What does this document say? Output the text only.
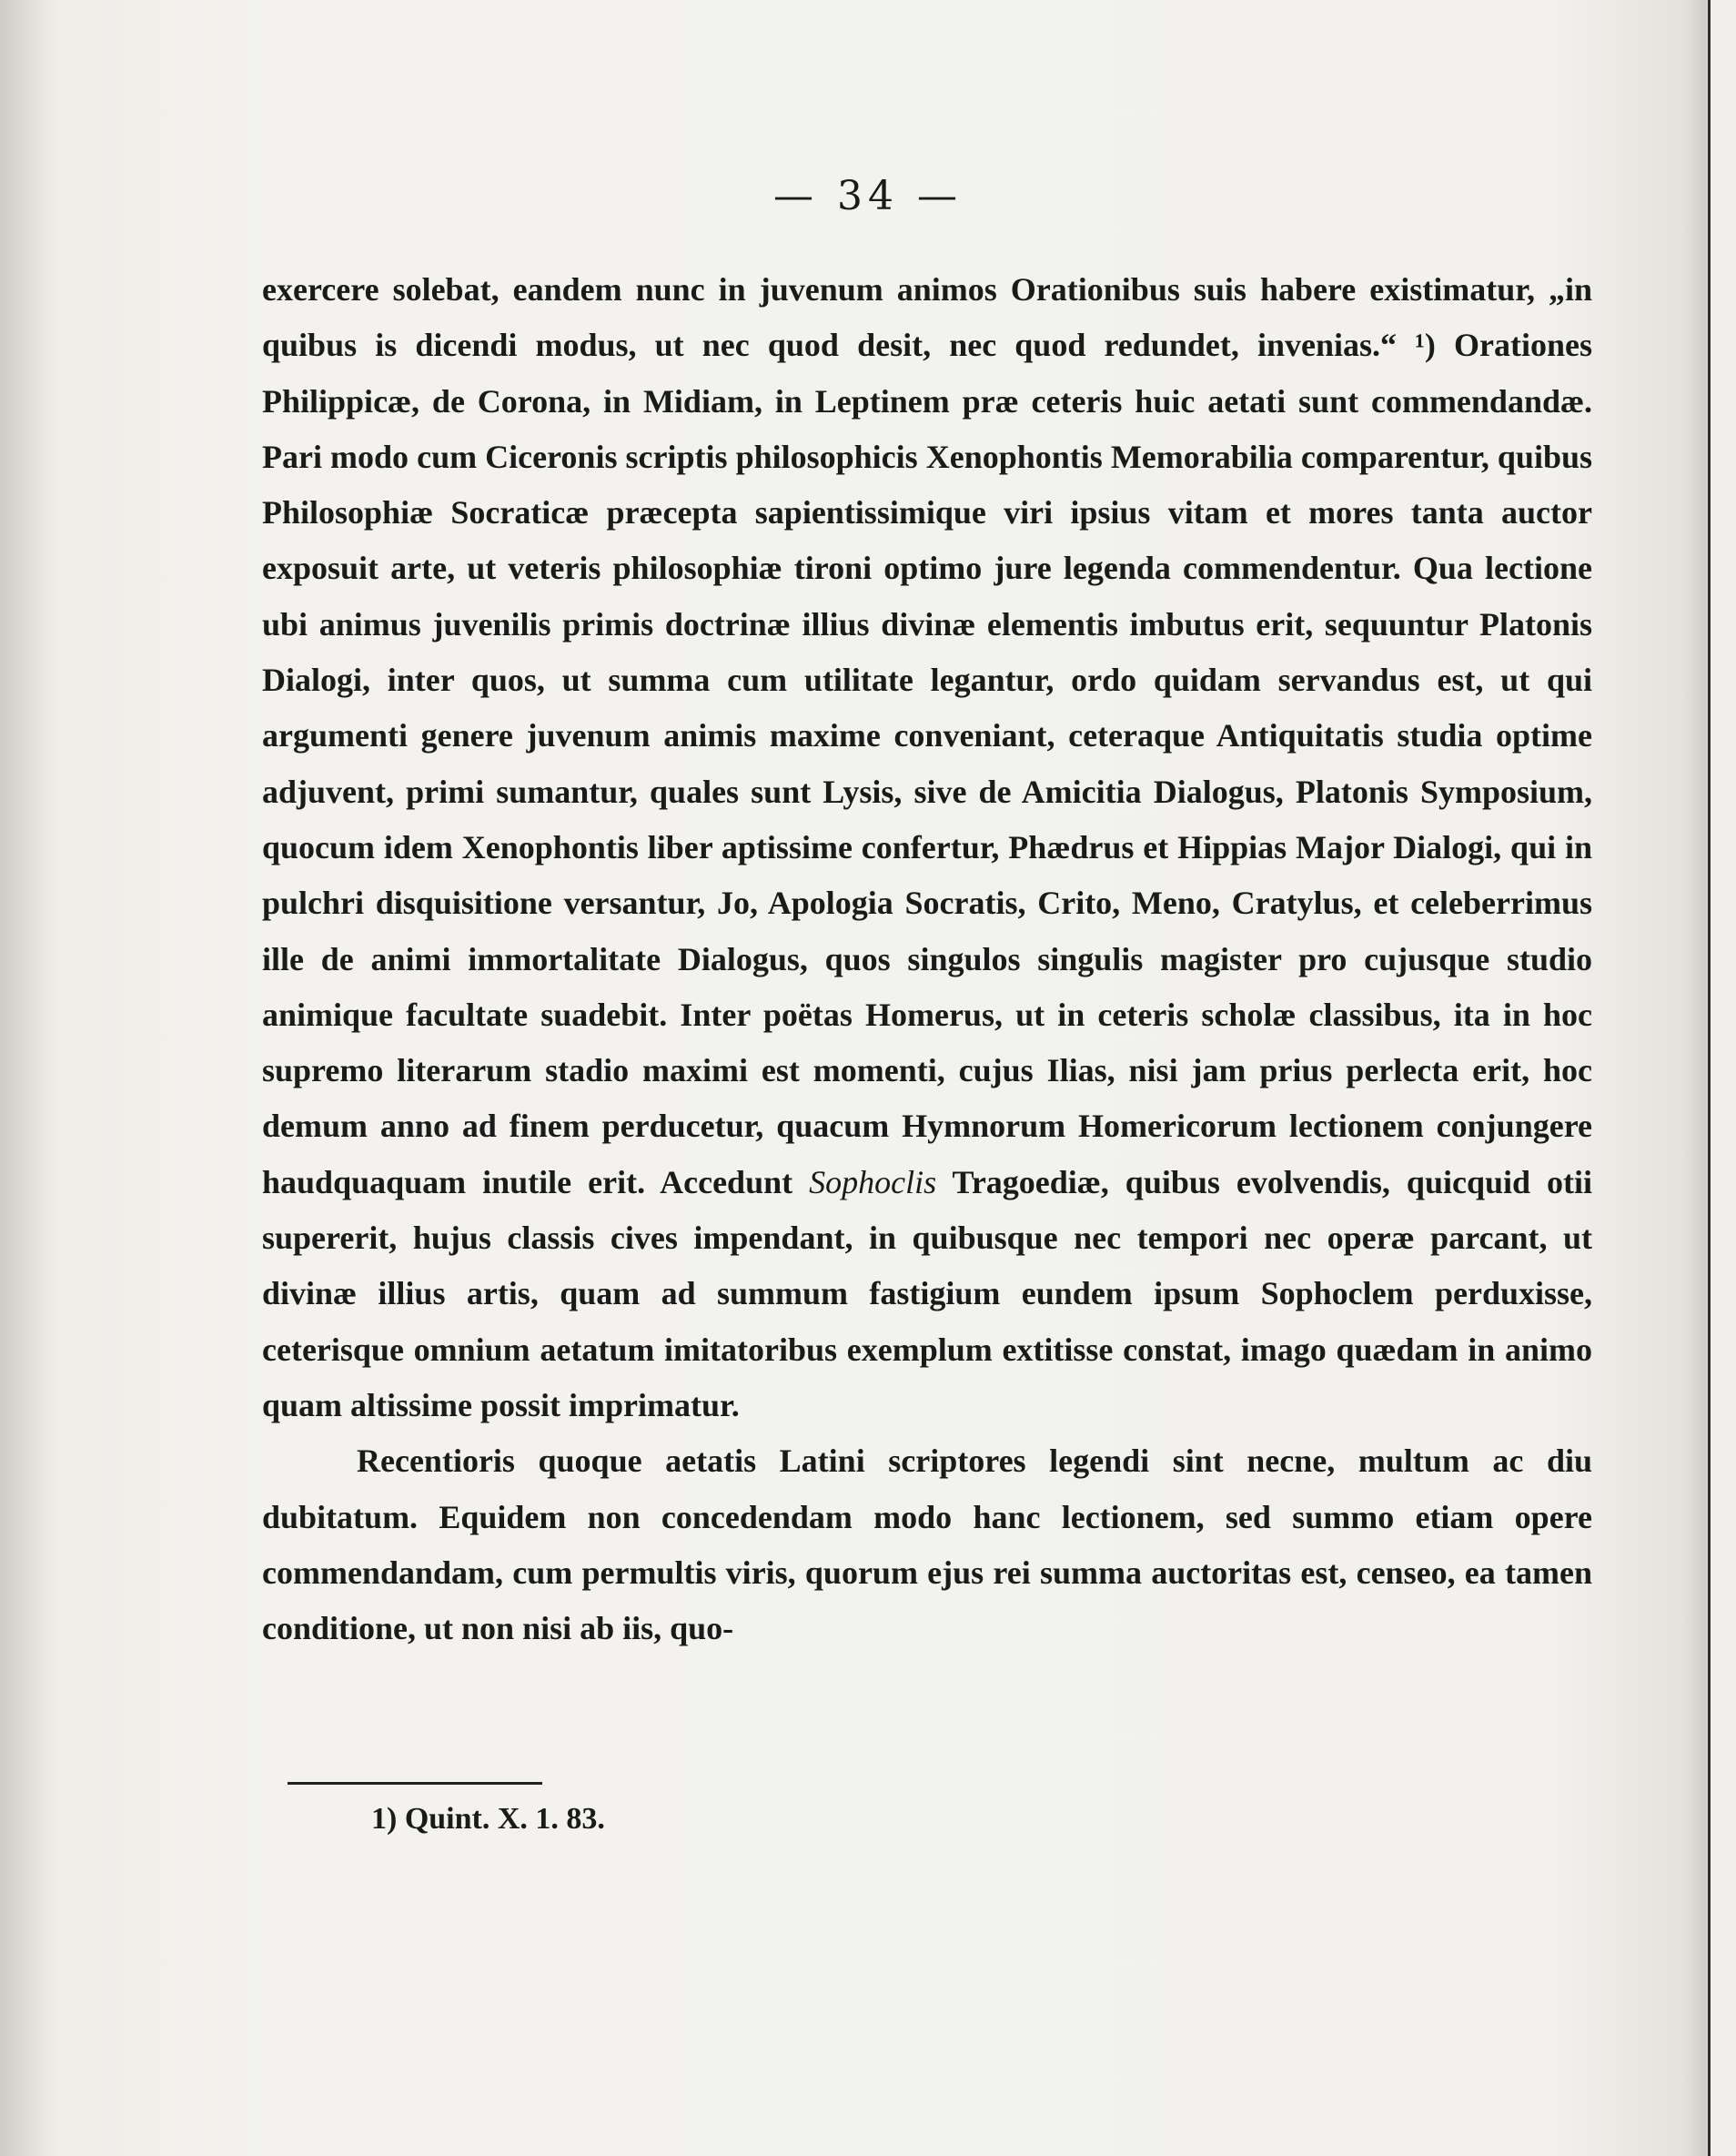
— 34 —

exercere solebat, eandem nunc in juvenum animos Orationibus suis habere existimatur, „in quibus is dicendi modus, ut nec quod desit, nec quod redundet, invenias.“ ¹) Orationes Philippicæ, de Corona, in Midiam, in Leptinem præ ceteris huic aetati sunt commendandæ. Pari modo cum Ciceronis scriptis philosophicis Xenophontis Memorabilia comparentur, quibus Philosophiæ Socraticæ præcepta sapientissimique viri ipsius vitam et mores tanta auctor exposuit arte, ut veteris philosophiæ tironi optimo jure legenda commendentur. Qua lectione ubi animus juvenilis primis doctrinæ illius divinæ elementis imbutus erit, sequuntur Platonis Dialogi, inter quos, ut summa cum utilitate legantur, ordo quidam servandus est, ut qui argumenti genere juvenum animis maxime conveniant, ceteraque Antiquitatis studia optime adjuvent, primi sumantur, quales sunt Lysis, sive de Amicitia Dialogus, Platonis Symposium, quocum idem Xenophontis liber aptissime confertur, Phædrus et Hippias Major Dialogi, qui in pulchri disquisitione versantur, Jo, Apologia Socratis, Crito, Meno, Cratylus, et celeberrimus ille de animi immortalitate Dialogus, quos singulos singulis magister pro cujusque studio animique facultate suadebit. Inter poëtas Homerus, ut in ceteris scholæ classibus, ita in hoc supremo literarum stadio maximi est momenti, cujus Ilias, nisi jam prius perlecta erit, hoc demum anno ad finem perducetur, quacum Hymnorum Homericorum lectionem conjungere haudquaquam inutile erit. Accedunt Sophoclis Tragoediæ, quibus evolvendis, quicquid otii supererit, hujus classis cives impendant, in quibusque nec tempori nec operæ parcant, ut divinæ illius artis, quam ad summum fastigium eundem ipsum Sophoclem perduxisse, ceterisque omnium aetatum imitatoribus exemplum extitisse constat, imago quædam in animo quam altissime possit imprimatur.

Recentioris quoque aetatis Latini scriptores legendi sint necne, multum ac diu dubitatum. Equidem non concedendam modo hanc lectionem, sed summo etiam opere commendandam, cum permultis viris, quorum ejus rei summa auctoritas est, censeo, ea tamen conditione, ut non nisi ab iis, quo-

1) Quint. X. 1. 83.
